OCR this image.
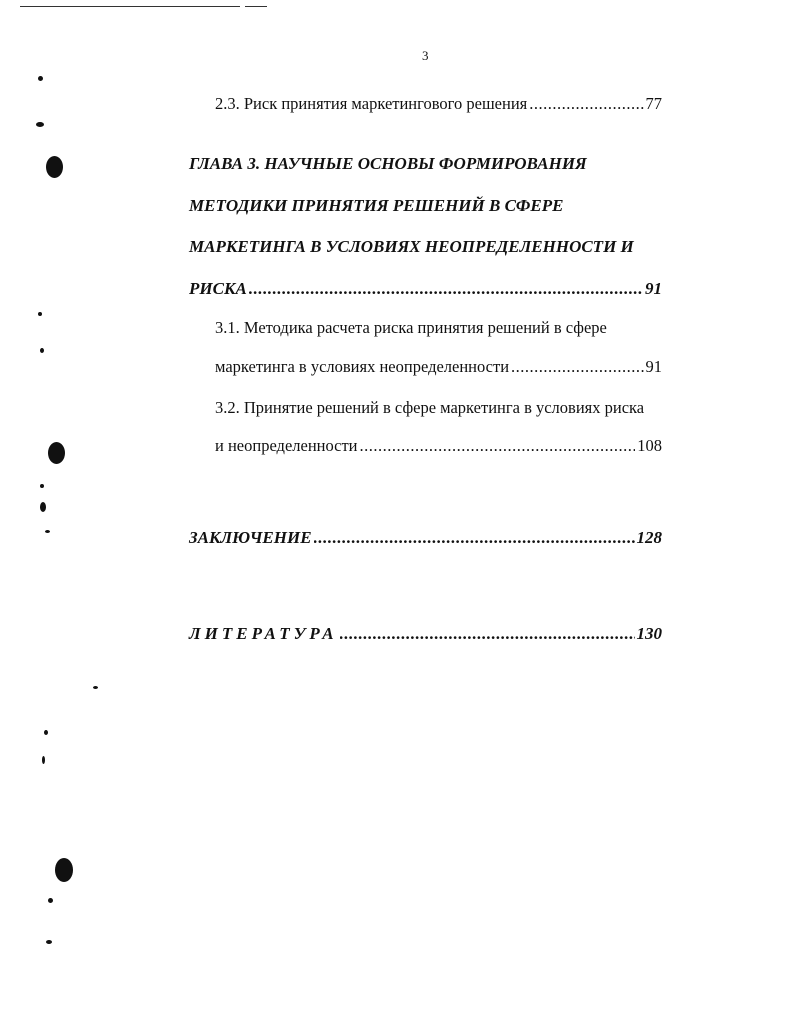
3
2.3. Риск принятия маркетингового решения .....	77
ГЛАВА 3. НАУЧНЫЕ ОСНОВЫ ФОРМИРОВАНИЯ
МЕТОДИКИ ПРИНЯТИЯ РЕШЕНИЙ В СФЕРЕ
МАРКЕТИНГА В УСЛОВИЯХ НЕОПРЕДЕЛЕННОСТИ И
РИСКА .....	91
3.1. Методика расчета риска принятия решений в сфере
маркетинга в условиях неопределенности .....	91
3.2. Принятие решений в сфере маркетинга в условиях риска
и неопределенности .....	108
ЗАКЛЮЧЕНИЕ .....	128
ЛИТЕРАТУРА .....	130
